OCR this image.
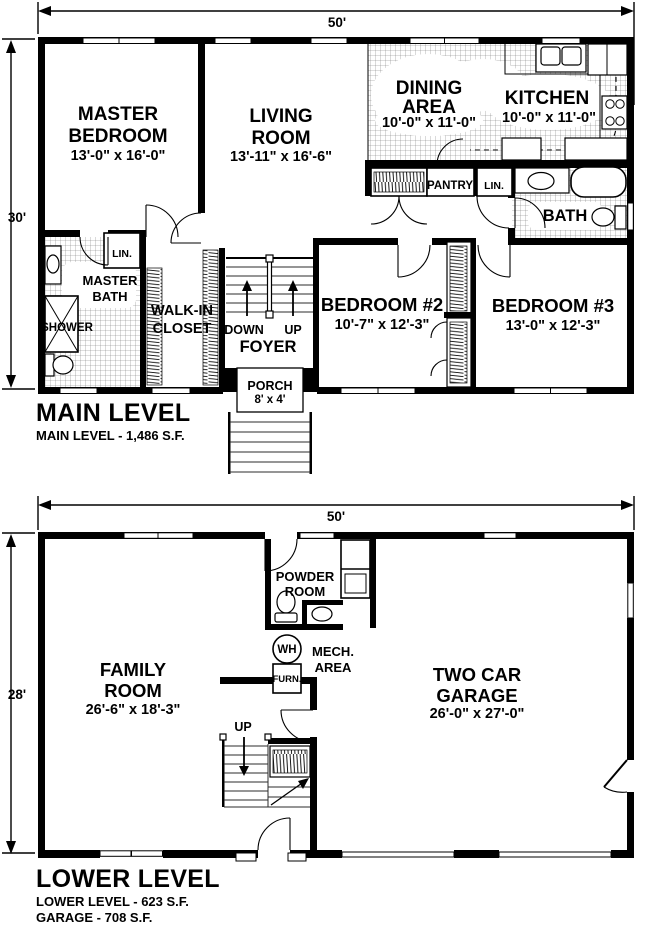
50'
30'
MASTER
BEDROOM
13'-0" x 16'-0"
LIVING
ROOM
13'-11" x 16'-6"
DINING
AREA
10'-0" x 11'-0"
KITCHEN
10'-0" x 11'-0"
PANTRY LIN.
LIN.
BATH
MASTER
BATH
SHOWER
WALK-IN
CLOSET DOWN UP
FOYER
BEDROOM #2
10'-7" x 12'-3"
BEDROOM #3
13'-0" x 12'-3"
PORCH
8' x 4'
MAIN LEVEL
MAIN LEVEL - 1,486 S.F.
50'
28'
FAMILY
ROOM
26'-6" x 18'-3"
TWO CAR
GARAGE
26'-0" x 27'-0"
POWDER
ROOM
WH
FURN.
MECH.
AREA
UP
LOWER LEVEL
LOWER LEVEL - 623 S.F.
GARAGE - 708 S.F.
